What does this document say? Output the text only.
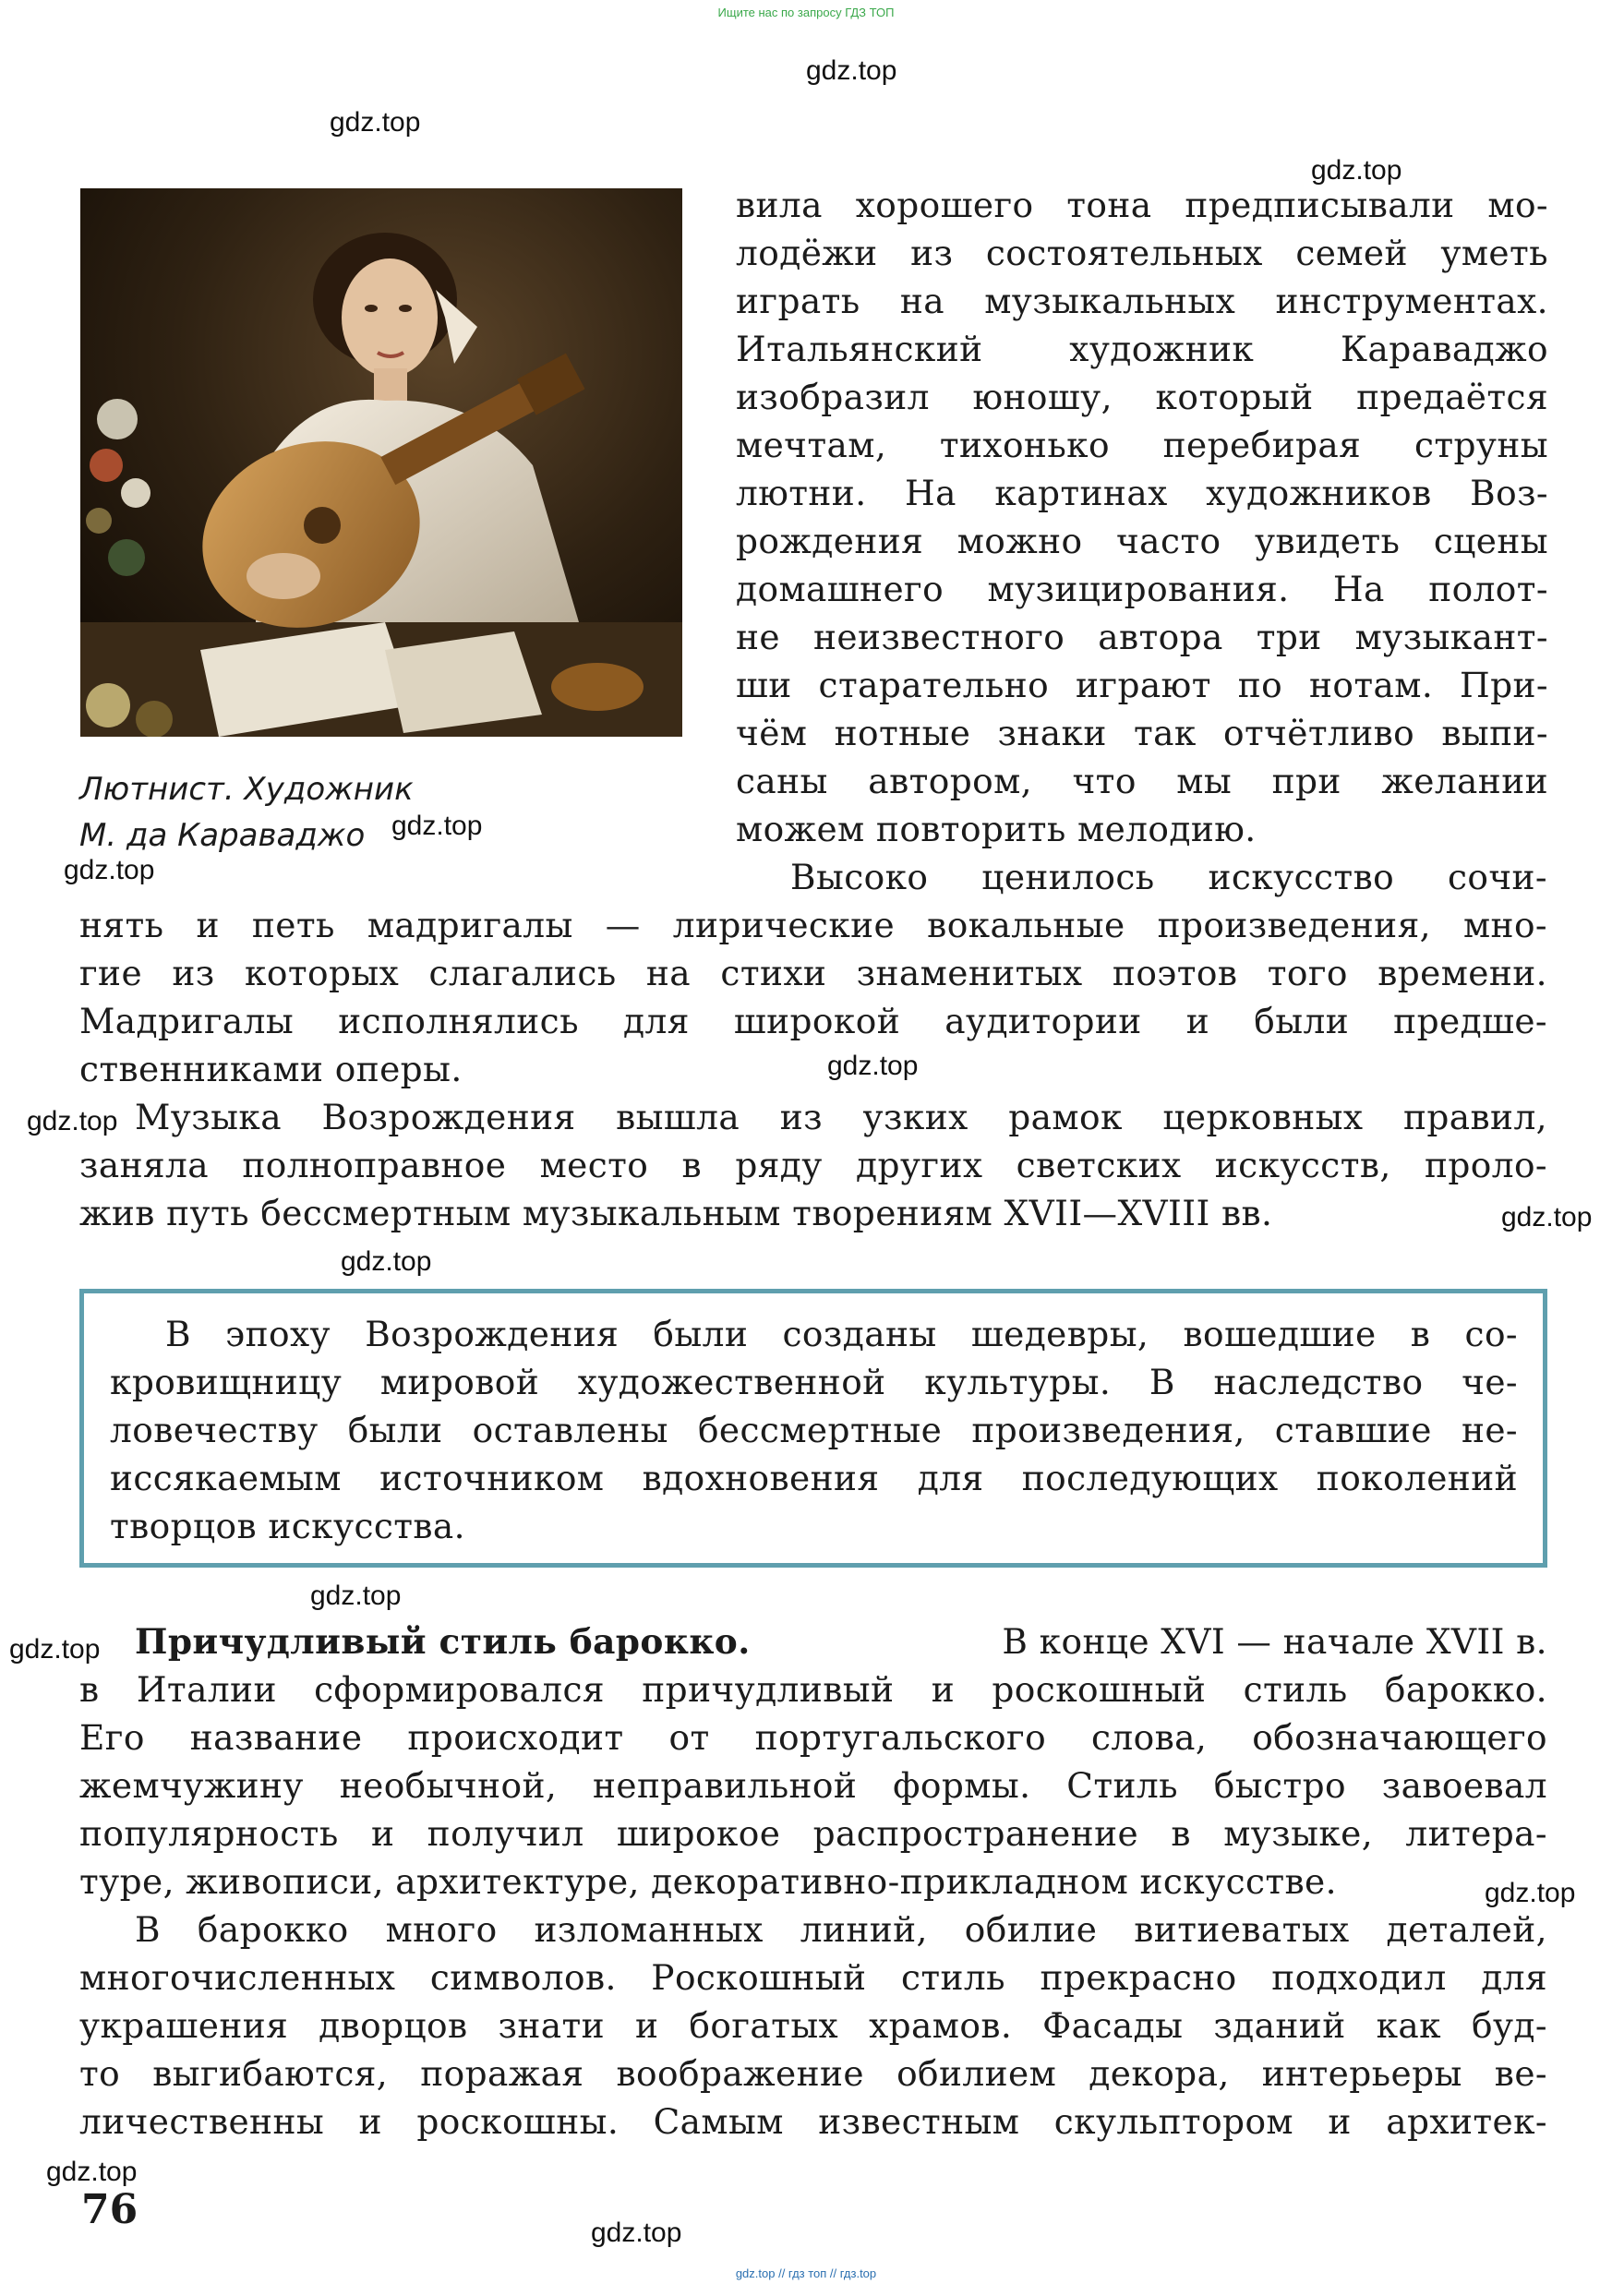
Ищите нас по запросу ГДЗ ТОП
gdz.top // гдз топ // гдз.top
gdz.top
gdz.top
gdz.top
gdz.top
gdz.top
gdz.top
gdz.top
gdz.top
gdz.top
gdz.top
gdz.top
gdz.top
gdz.top
gdz.top
Лютнист. Художник
М. да Караваджо
вила хорошего тона предписывали мо-
лодёжи из состоятельных семей уметь
играть на музыкальных инструментах.
Итальянский художник Караваджо
изобразил юношу, который предаётся
мечтам, тихонько перебирая струны
лютни. На картинах художников Воз-
рождения можно часто увидеть сцены
домашнего музицирования. На полот-
не неизвестного автора три музыкант-
ши старательно играют по нотам. При-
чём нотные знаки так отчётливо выпи-
саны автором, что мы при желании
можем повторить мелодию.
Высоко ценилось искусство сочи-
нять и петь мадригалы — лирические вокальные произведения, мно-
гие из которых слагались на стихи знаменитых поэтов того времени.
Мадригалы исполнялись для широкой аудитории и были предше-
ственниками оперы.
Музыка Возрождения вышла из узких рамок церковных правил,
заняла полноправное место в ряду других светских искусств, проло-
жив путь бессмертным музыкальным творениям XVII—XVIII вв.
В эпоху Возрождения были созданы шедевры, вошедшие в со-
кровищницу мировой художественной культуры. В наследство че-
ловечеству были оставлены бессмертные произведения, ставшие не-
иссякаемым источником вдохновения для последующих поколений
творцов искусства.
Причудливый стиль барокко.	В конце XVI — начале XVII в.
в Италии сформировался причудливый и роскошный стиль барокко.
Его название происходит от португальского слова, обозначающего
жемчужину необычной, неправильной формы. Стиль быстро завоевал
популярность и получил широкое распространение в музыке, литера-
туре, живописи, архитектуре, декоративно-прикладном искусстве.
В барокко много изломанных линий, обилие витиеватых деталей,
многочисленных символов. Роскошный стиль прекрасно подходил для
украшения дворцов знати и богатых храмов. Фасады зданий как буд-
то выгибаются, поражая воображение обилием декора, интерьеры ве-
личественны и роскошны. Самым известным скульптором и архитек-
76
